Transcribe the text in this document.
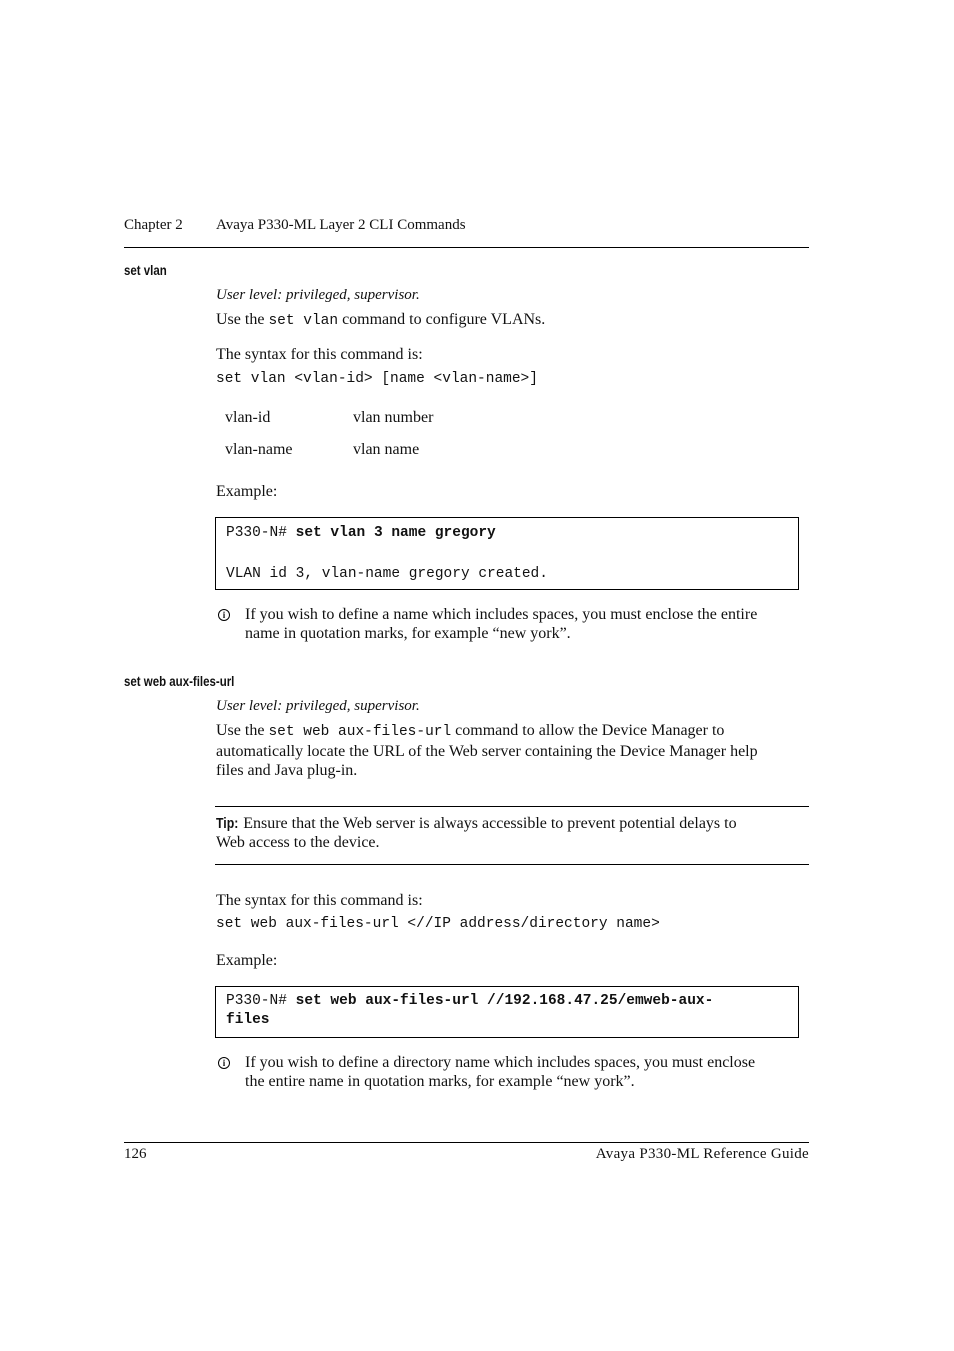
Chapter 2 Avaya P330-ML Layer 2 CLI Commands
set vlan
User level: privileged, supervisor.
Use the set vlan command to configure VLANs.
The syntax for this command is:
set vlan <vlan-id> [name <vlan-name>]
vlan-id	vlan number
vlan-name	vlan name
Example:
P330-N# set vlan 3 name gregory
VLAN id 3, vlan-name gregory created.
i If you wish to define a name which includes spaces, you must enclose the entire
name in quotation marks, for example “new york”.
set web aux-files-url
User level: privileged, supervisor.
Use the set web aux-files-url command to allow the Device Manager to
automatically locate the URL of the Web server containing the Device Manager help
files and Java plug-in.
Tip: Ensure that the Web server is always accessible to prevent potential delays to
Web access to the device.
The syntax for this command is:
set web aux-files-url <//IP address/directory name>
Example:
P330-N# set web aux-files-url //192.168.47.25/emweb-aux-
files
i If you wish to define a directory name which includes spaces, you must enclose
the entire name in quotation marks, for example “new york”.
126	Avaya P330-ML Reference Guide
